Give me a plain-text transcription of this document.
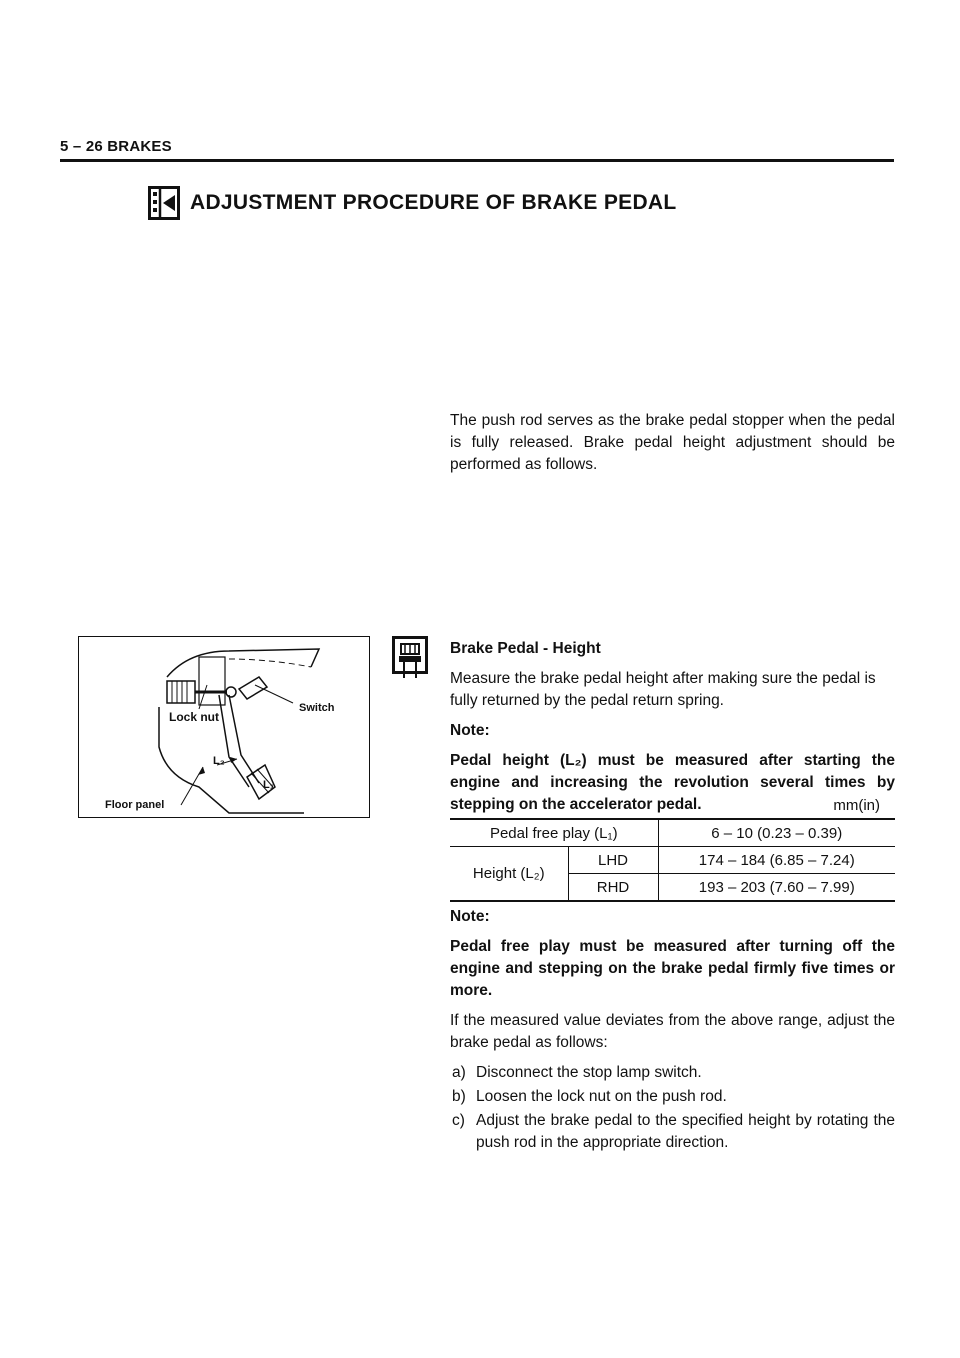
5 – 26 BRAKES
ADJUSTMENT PROCEDURE OF BRAKE PEDAL
The push rod serves as the brake pedal stopper when the pedal is fully released. Brake pedal height adjustment should be performed as follows.
Switch
Lock nut
Floor panel
L₂
L₁

Brake Pedal - Height

Measure the brake pedal height after making sure the pedal is fully returned by the pedal return spring.

Note:

Pedal height (L₂) must be measured after starting the engine and increasing the revolution several times by stepping on the accelerator pedal.	mm(in)
Pedal free play (L₁)		6 – 10 (0.23 – 0.39)
Height (L₂)	LHD	174 – 184 (6.85 – 7.24)
	RHD	193 – 203 (7.60 – 7.99)

Note:

Pedal free play must be measured after turning off the engine and stepping on the brake pedal firmly five times or more.

If the measured value deviates from the above range, adjust the brake pedal as follows:

a) Disconnect the stop lamp switch.
b) Loosen the lock nut on the push rod.
c) Adjust the brake pedal to the specified height by rotating the push rod in the appropriate direction.
